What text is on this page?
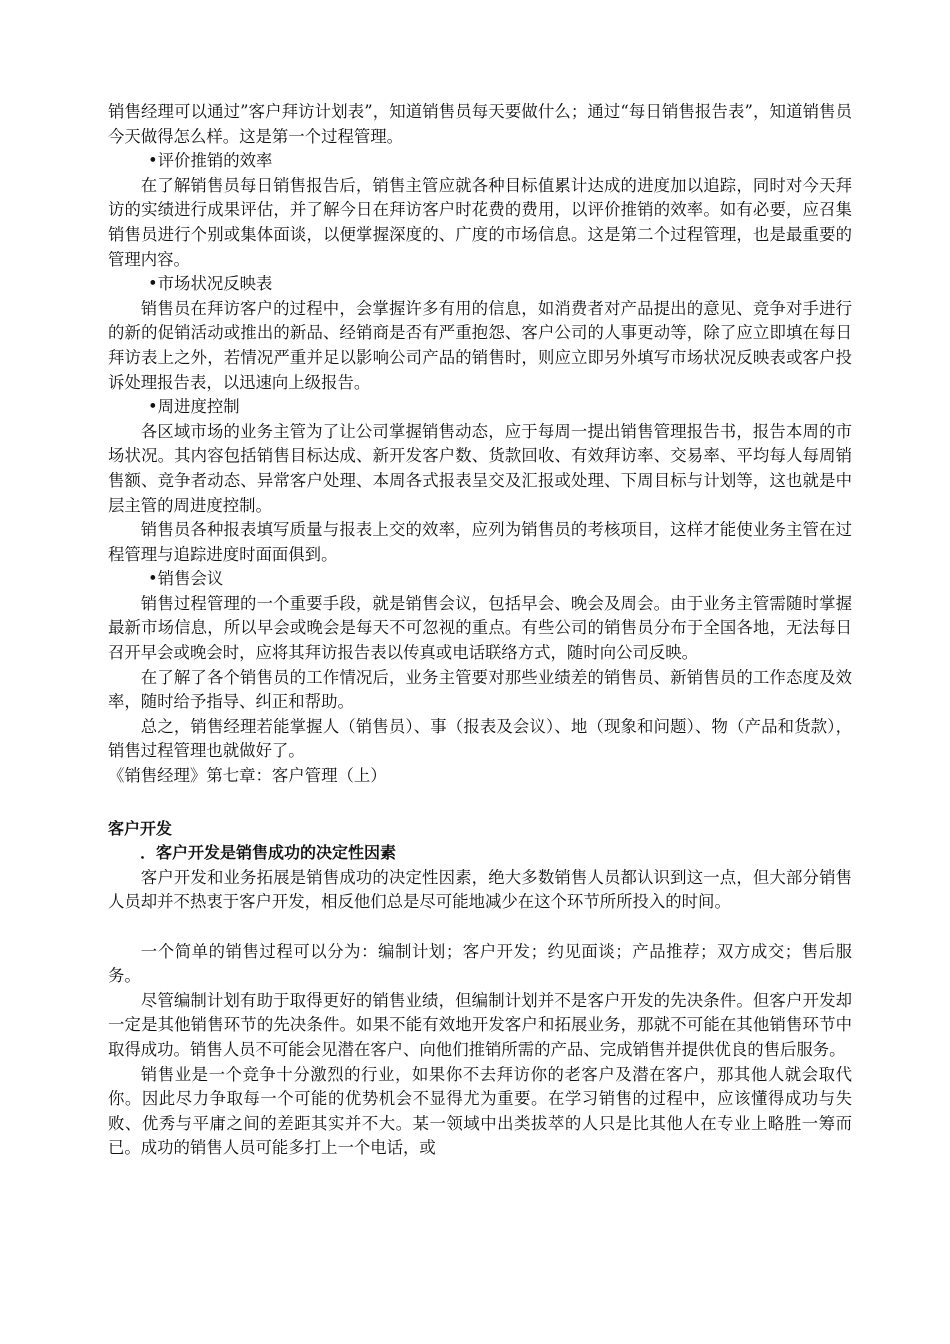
销售经理可以通过”客户拜访计划表”，知道销售员每天要做什么；通过“每日销售报告表”，知道销售员今天做得怎么样。这是第一个过程管理。

•评价推销的效率

在了解销售员每日销售报告后，销售主管应就各种目标值累计达成的进度加以追踪，同时对今天拜访的实绩进行成果评估，并了解今日在拜访客户时花费的费用，以评价推销的效率。如有必要，应召集销售员进行个别或集体面谈，以便掌握深度的、广度的市场信息。这是第二个过程管理，也是最重要的管理内容。

•市场状况反映表

销售员在拜访客户的过程中，会掌握许多有用的信息，如消费者对产品提出的意见、竞争对手进行的新的促销活动或推出的新品、经销商是否有严重抱怨、客户公司的人事更动等，除了应立即填在每日拜访表上之外，若情况严重并足以影响公司产品的销售时，则应立即另外填写市场状况反映表或客户投诉处理报告表，以迅速向上级报告。

•周进度控制

各区域市场的业务主管为了让公司掌握销售动态，应于每周一提出销售管理报告书，报告本周的市场状况。其内容包括销售目标达成、新开发客户数、货款回收、有效拜访率、交易率、平均每人每周销售额、竞争者动态、异常客户处理、本周各式报表呈交及汇报或处理、下周目标与计划等，这也就是中层主管的周进度控制。

销售员各种报表填写质量与报表上交的效率，应列为销售员的考核项目，这样才能使业务主管在过程管理与追踪进度时面面俱到。

•销售会议

销售过程管理的一个重要手段，就是销售会议，包括早会、晚会及周会。由于业务主管需随时掌握最新市场信息，所以早会或晚会是每天不可忽视的重点。有些公司的销售员分布于全国各地，无法每日召开早会或晚会时，应将其拜访报告表以传真或电话联络方式，随时向公司反映。

在了解了各个销售员的工作情况后，业务主管要对那些业绩差的销售员、新销售员的工作态度及效率，随时给予指导、纠正和帮助。

总之，销售经理若能掌握人（销售员）、事（报表及会议）、地（现象和问题）、物（产品和货款），销售过程管理也就做好了。

《销售经理》第七章：客户管理（上）

客户开发

．客户开发是销售成功的决定性因素

客户开发和业务拓展是销售成功的决定性因素，绝大多数销售人员都认识到这一点，但大部分销售人员却并不热衷于客户开发，相反他们总是尽可能地减少在这个环节所所投入的时间。

一个简单的销售过程可以分为：编制计划；客户开发；约见面谈；产品推荐；双方成交；售后服务。

尽管编制计划有助于取得更好的销售业绩，但编制计划并不是客户开发的先决条件。但客户开发却一定是其他销售环节的先决条件。如果不能有效地开发客户和拓展业务，那就不可能在其他销售环节中取得成功。销售人员不可能会见潜在客户、向他们推销所需的产品、完成销售并提供优良的售后服务。

销售业是一个竞争十分激烈的行业，如果你不去拜访你的老客户及潜在客户，那其他人就会取代你。因此尽力争取每一个可能的优势机会不显得尤为重要。在学习销售的过程中，应该懂得成功与失败、优秀与平庸之间的差距其实并不大。某一领域中出类拔萃的人只是比其他人在专业上略胜一筹而已。成功的销售人员可能多打上一个电话，或
